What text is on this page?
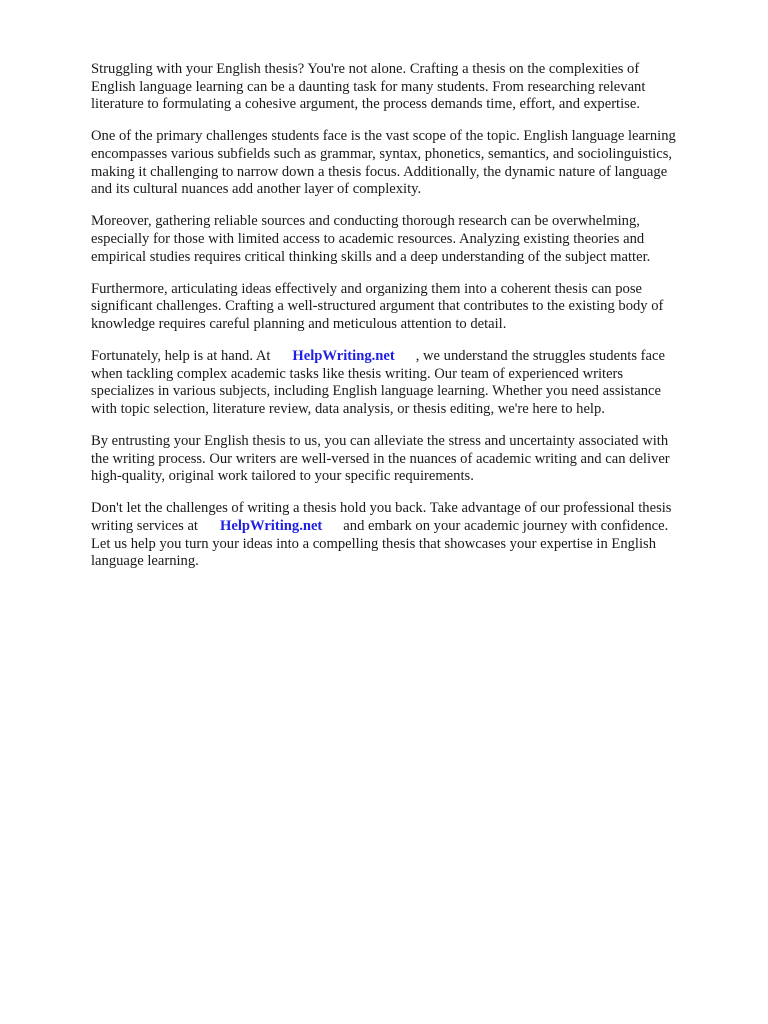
Struggling with your English thesis? You're not alone. Crafting a thesis on the complexities of
English language learning can be a daunting task for many students. From researching relevant
literature to formulating a cohesive argument, the process demands time, effort, and expertise.

One of the primary challenges students face is the vast scope of the topic. English language learning
encompasses various subfields such as grammar, syntax, phonetics, semantics, and sociolinguistics,
making it challenging to narrow down a thesis focus. Additionally, the dynamic nature of language
and its cultural nuances add another layer of complexity.

Moreover, gathering reliable sources and conducting thorough research can be overwhelming,
especially for those with limited access to academic resources. Analyzing existing theories and
empirical studies requires critical thinking skills and a deep understanding of the subject matter.

Furthermore, articulating ideas effectively and organizing them into a coherent thesis can pose
significant challenges. Crafting a well-structured argument that contributes to the existing body of
knowledge requires careful planning and meticulous attention to detail.

Fortunately, help is at hand. At HelpWriting.net , we understand the struggles students face
when tackling complex academic tasks like thesis writing. Our team of experienced writers
specializes in various subjects, including English language learning. Whether you need assistance
with topic selection, literature review, data analysis, or thesis editing, we're here to help.

By entrusting your English thesis to us, you can alleviate the stress and uncertainty associated with
the writing process. Our writers are well-versed in the nuances of academic writing and can deliver
high-quality, original work tailored to your specific requirements.

Don't let the challenges of writing a thesis hold you back. Take advantage of our professional thesis
writing services at HelpWriting.net and embark on your academic journey with confidence.
Let us help you turn your ideas into a compelling thesis that showcases your expertise in English
language learning.
